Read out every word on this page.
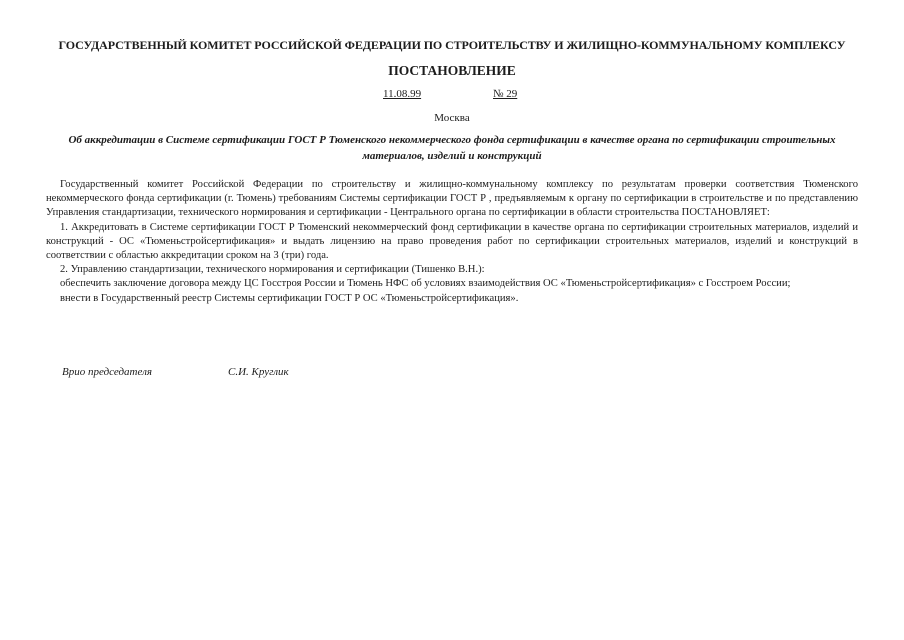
ГОСУДАРСТВЕННЫЙ КОМИТЕТ РОССИЙСКОЙ ФЕДЕРАЦИИ ПО СТРОИТЕЛЬСТВУ И ЖИЛИЩНО-КОММУНАЛЬНОМУ КОМПЛЕКСУ
ПОСТАНОВЛЕНИЕ
11.08.99	№ 29
Москва
Об аккредитации в Системе сертификации ГОСТ Р Тюменского некоммерческого фонда сертификации в качестве органа по сертификации строительных материалов, изделий и конструкций

Государственный комитет Российской Федерации по строительству и жилищно-коммунальному комплексу по результатам проверки соответствия Тюменского некоммерческого фонда сертификации (г. Тюмень) требованиям Системы сертификации ГОСТ Р , предъявляемым к органу по сертификации в строительстве и по представлению Управления стандартизации, технического нормирования и сертификации - Центрального органа по сертификации в области строительства ПОСТАНОВЛЯЕТ:

1. Аккредитовать в Системе сертификации ГОСТ Р Тюменский некоммерческий фонд сертификации в качестве органа по сертификации строительных материалов, изделий и конструкций - ОС «Тюменьстройсертификация» и выдать лицензию на право проведения работ по сертификации строительных материалов, изделий и конструкций в соответствии с областью аккредитации сроком на 3 (три) года.

2. Управлению стандартизации, технического нормирования и сертификации (Тишенко В.Н.):

обеспечить заключение договора между ЦС Госстроя России и Тюмень НФС об условиях взаимодействия ОС «Тюменьстройсертификация» с Госстроем России;

внести в Государственный реестр Системы сертификации ГОСТ Р ОС «Тюменьстройсертификация».

Врио председателя	С.И. Круглик
